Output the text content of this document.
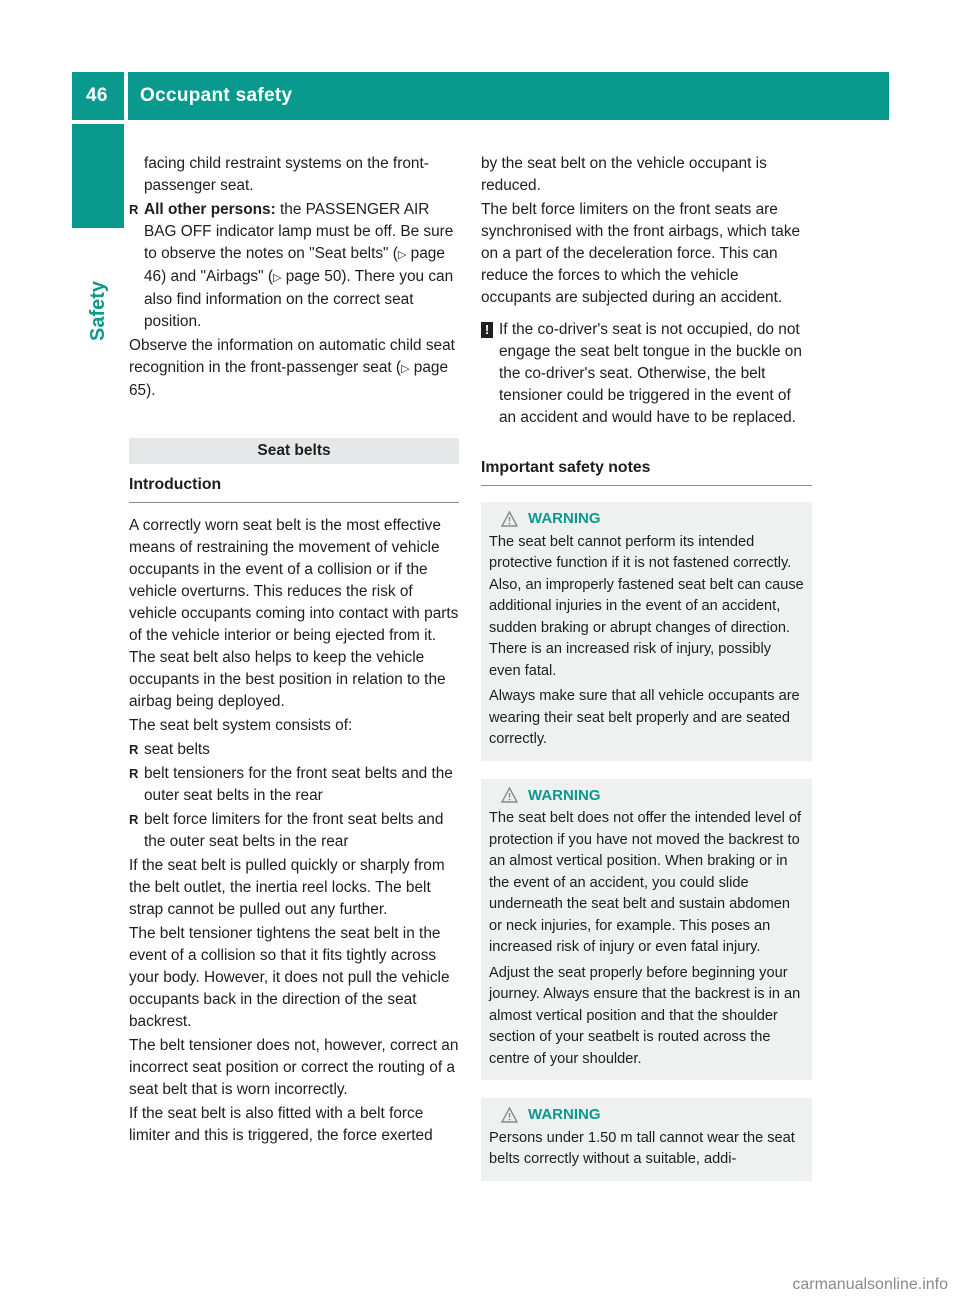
46 Occupant safety
Safety

facing child restraint systems on the front-passenger seat.

R All other persons: the PASSENGER AIR BAG OFF indicator lamp must be off. Be sure to observe the notes on "Seat belts" (▷ page 46) and "Airbags" (▷ page 50). There you can also find information on the correct seat position.

Observe the information on automatic child seat recognition in the front-passenger seat (▷ page 65).

Seat belts
Introduction

A correctly worn seat belt is the most effective means of restraining the movement of vehicle occupants in the event of a collision or if the vehicle overturns. This reduces the risk of vehicle occupants coming into contact with parts of the vehicle interior or being ejected from it. The seat belt also helps to keep the vehicle occupants in the best position in relation to the airbag being deployed.

The seat belt system consists of:

R seat belts
R belt tensioners for the front seat belts and the outer seat belts in the rear
R belt force limiters for the front seat belts and the outer seat belts in the rear

If the seat belt is pulled quickly or sharply from the belt outlet, the inertia reel locks. The belt strap cannot be pulled out any further.

The belt tensioner tightens the seat belt in the event of a collision so that it fits tightly across your body. However, it does not pull the vehicle occupants back in the direction of the seat backrest.

The belt tensioner does not, however, correct an incorrect seat position or correct the routing of a seat belt that is worn incorrectly.

If the seat belt is also fitted with a belt force limiter and this is triggered, the force exerted

by the seat belt on the vehicle occupant is reduced.

The belt force limiters on the front seats are synchronised with the front airbags, which take on a part of the deceleration force. This can reduce the forces to which the vehicle occupants are subjected during an accident.

! If the co-driver's seat is not occupied, do not engage the seat belt tongue in the buckle on the co-driver's seat. Otherwise, the belt tensioner could be triggered in the event of an accident and would have to be replaced.
Important safety notes
WARNING

The seat belt cannot perform its intended protective function if it is not fastened correctly. Also, an improperly fastened seat belt can cause additional injuries in the event of an accident, sudden braking or abrupt changes of direction. There is an increased risk of injury, possibly even fatal.

Always make sure that all vehicle occupants are wearing their seat belt properly and are seated correctly.

WARNING

The seat belt does not offer the intended level of protection if you have not moved the backrest to an almost vertical position. When braking or in the event of an accident, you could slide underneath the seat belt and sustain abdomen or neck injuries, for example. This poses an increased risk of injury or even fatal injury.

Adjust the seat properly before beginning your journey. Always ensure that the backrest is in an almost vertical position and that the shoulder section of your seatbelt is routed across the centre of your shoulder.

WARNING

Persons under 1.50 m tall cannot wear the seat belts correctly without a suitable, addi-

carmanualsonline.info
